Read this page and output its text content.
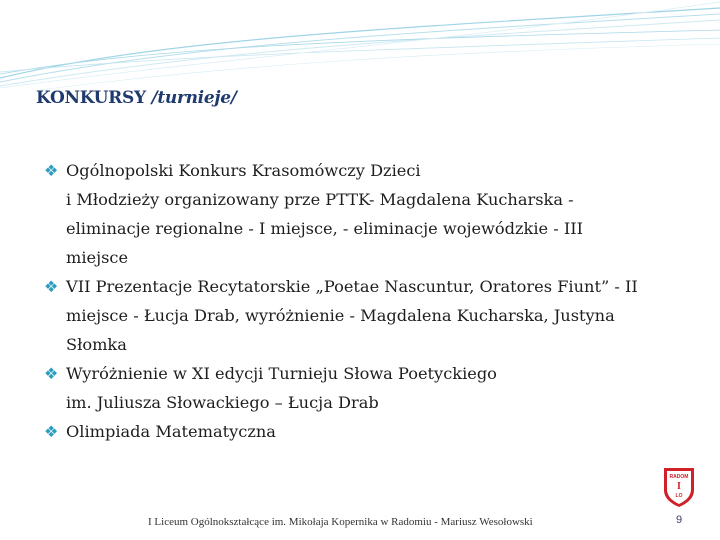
KONKURSY /turnieje/
❖ Ogólnopolski Konkurs Krasomówczy Dzieci
i Młodzieży organizowany prze PTTK- Magdalena Kucharska -
eliminacje regionalne - I miejsce, - eliminacje wojewódzkie - III
miejsce
❖ VII Prezentacje Recytatorskie „Poetae Nascuntur, Oratores Fiunt” - II
miejsce - Łucja Drab, wyróżnienie - Magdalena Kucharska, Justyna
Słomka
❖ Wyróżnienie w XI edycji Turnieju Słowa Poetyckiego
im. Juliusza Słowackiego – Łucja Drab
❖ Olimpiada Matematyczna
RADOM
I
LO
I Liceum Ogólnokształcące im. Mikołaja Kopernika w Radomiu - Mariusz Wesołowski	9
